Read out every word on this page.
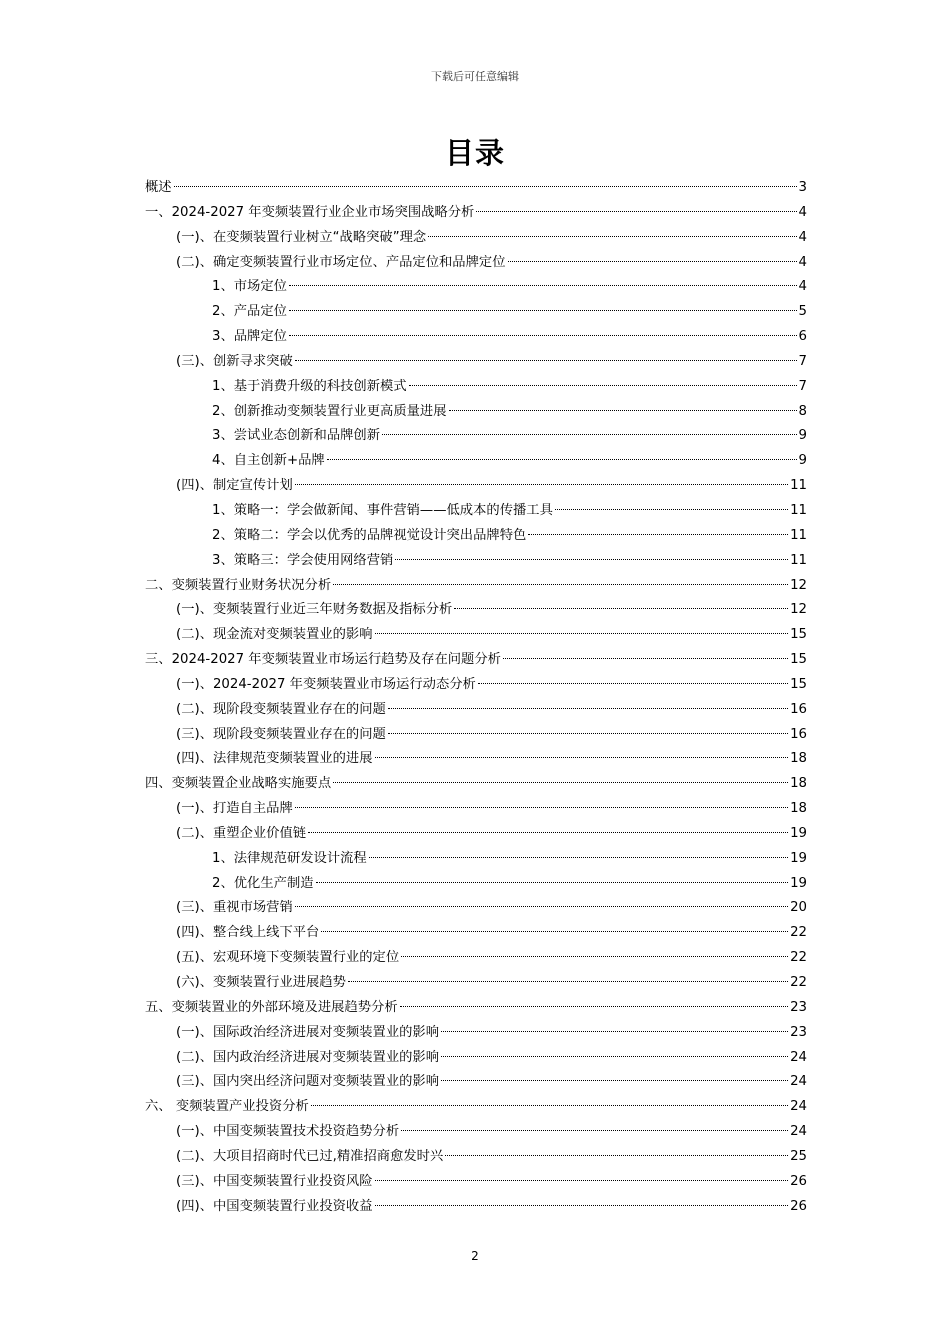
下载后可任意编辑
目录
概述	3
一、2024-2027 年变频装置行业企业市场突围战略分析	4
(一)、在变频装置行业树立“战略突破”理念	4
(二)、确定变频装置行业市场定位、产品定位和品牌定位	4
1、市场定位	4
2、产品定位	5
3、品牌定位	6
(三)、创新寻求突破	7
1、基于消费升级的科技创新模式	7
2、创新推动变频装置行业更高质量进展	8
3、尝试业态创新和品牌创新	9
4、自主创新+品牌	9
(四)、制定宣传计划	11
1、策略一：学会做新闻、事件营销——低成本的传播工具	11
2、策略二：学会以优秀的品牌视觉设计突出品牌特色	11
3、策略三：学会使用网络营销	11
二、变频装置行业财务状况分析	12
(一)、变频装置行业近三年财务数据及指标分析	12
(二)、现金流对变频装置业的影响	15
三、2024-2027 年变频装置业市场运行趋势及存在问题分析	15
(一)、2024-2027 年变频装置业市场运行动态分析	15
(二)、现阶段变频装置业存在的问题	16
(三)、现阶段变频装置业存在的问题	16
(四)、法律规范变频装置业的进展	18
四、变频装置企业战略实施要点	18
(一)、打造自主品牌	18
(二)、重塑企业价值链	19
1、法律规范研发设计流程	19
2、优化生产制造	19
(三)、重视市场营销	20
(四)、整合线上线下平台	22
(五)、宏观环境下变频装置行业的定位	22
(六)、变频装置行业进展趋势	22
五、变频装置业的外部环境及进展趋势分析	23
(一)、国际政治经济进展对变频装置业的影响	23
(二)、国内政治经济进展对变频装置业的影响	24
(三)、国内突出经济问题对变频装置业的影响	24
六、 变频装置产业投资分析	24
(一)、中国变频装置技术投资趋势分析	24
(二)、大项目招商时代已过,精准招商愈发时兴	25
(三)、中国变频装置行业投资风险	26
(四)、中国变频装置行业投资收益	26
2
